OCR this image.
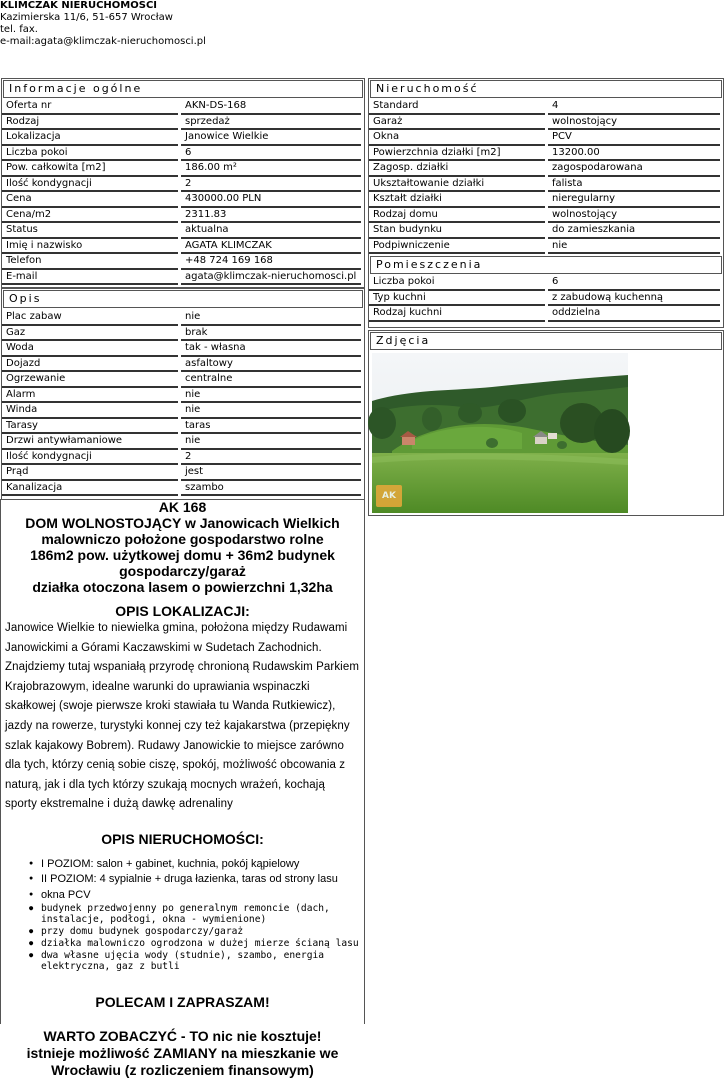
KLIMCZAK NIERUCHOMOŚCI
Kazimierska 11/6, 51-657 Wrocław
tel. fax.
e-mail:agata@klimczak-nieruchomosci.pl
Informacje ogólne
Oferta nr	AKN-DS-168
Rodzaj	sprzedaż
Lokalizacja	Janowice Wielkie
Liczba pokoi	6
Pow. całkowita [m2]	186.00 m²
Ilość kondygnacji	2
Cena	430000.00 PLN
Cena/m2	2311.83
Status	aktualna
Imię i nazwisko	AGATA KLIMCZAK
Telefon	+48 724 169 168
E-mail	agata@klimczak-nieruchomosci.pl
Opis
Plac zabaw	nie
Gaz	brak
Woda	tak - własna
Dojazd	asfaltowy
Ogrzewanie	centralne
Alarm	nie
Winda	nie
Tarasy	taras
Drzwi antywłamaniowe	nie
Ilość kondygnacji	2
Prąd	jest
Kanalizacja	szambo
Nieruchomość
Standard	4
Garaż	wolnostojący
Okna	PCV
Powierzchnia działki [m2]	13200.00
Zagosp. działki	zagospodarowana
Ukształtowanie działki	falista
Kształt działki	nieregularny
Rodzaj domu	wolnostojący
Stan budynku	do zamieszkania
Podpiwniczenie	nie
Pomieszczenia
Liczba pokoi	6
Typ kuchni	z zabudową kuchenną
Rodzaj kuchni	oddzielna
Zdjęcia
AK
AK 168
DOM WOLNOSTOJĄCY w Janowicach Wielkich
malowniczo położone gospodarstwo rolne
186m2 pow. użytkowej domu + 36m2 budynek
gospodarczy/garaż
działka otoczona lasem o powierzchni 1,32ha
OPIS LOKALIZACJI:

Janowice Wielkie to niewielka gmina, położona między Rudawami Janowickimi a Górami Kaczawskimi w Sudetach Zachodnich. Znajdziemy tutaj wspaniałą przyrodę chronioną Rudawskim Parkiem Krajobrazowym, idealne warunki do uprawiania wspinaczki skałkowej (swoje pierwsze kroki stawiała tu Wanda Rutkiewicz), jazdy na rowerze, turystyki konnej czy też kajakarstwa (przepiękny szlak kajakowy Bobrem). Rudawy Janowickie to miejsce zarówno dla tych, którzy cenią sobie ciszę, spokój, możliwość obcowania z naturą, jak i dla tych którzy szukają mocnych wrażeń, kochają sporty ekstremalne i dużą dawkę adrenaliny

OPIS NIERUCHOMOŚCI:
● I POZIOM: salon + gabinet, kuchnia, pokój kąpielowy
● II POZIOM: 4 sypialnie + druga łazienka, taras od strony lasu
● okna PCV
● budynek przedwojenny po generalnym remoncie (dach, instalacje, podłogi, okna - wymienione)
● przy domu budynek gospodarczy/garaż
● działka malowniczo ogrodzona w dużej mierze ścianą lasu
● dwa własne ujęcia wody (studnie), szambo, energia elektryczna, gaz z butli
POLECAM I ZAPRASZAM!
WARTO ZOBACZYĆ - TO nic nie kosztuje!
istnieje możliwość ZAMIANY na mieszkanie we
Wrocławiu (z rozliczeniem finansowym)
